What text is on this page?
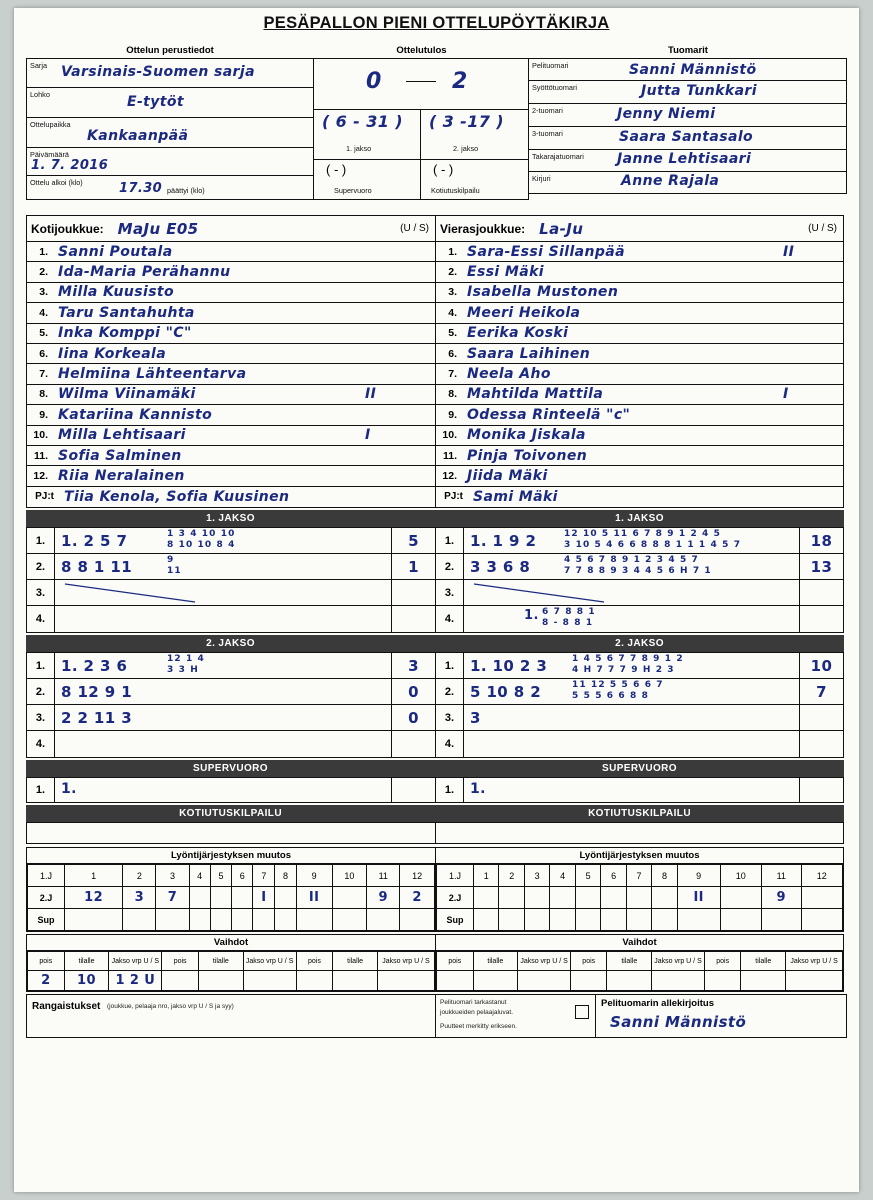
PESÄPALLON PIENI OTTELUPÖYTÄKIRJA
Ottelun perustiedot
Sarja Varsinais-Suomen sarja
Lohko	E-tytöt
Ottelupaikka
Kankaanpää
Päivämäärä
1. 7. 2016
Ottelu alkoi (klo)	17.30 päättyi (klo)
Ottelutulos
0	2
( 6 - 31 )
1. jakso
( 3 -17 )
2. jakso
( - )
Supervuoro
( - )
Kotiutuskilpailu
Tuomarit
Pelituomari	Sanni Männistö
Syöttötuomari	Jutta Tunkkari
2-tuomari	Jenny Niemi
3-tuomari	Saara Santasalo
Takarajatuomari Janne Lehtisaari
Kirjuri	Anne Rajala
Kotijoukkue: MaJu E05	(U / S)
1. Sanni Poutala
2. Ida-Maria Perähannu
3. Milla Kuusisto
4. Taru Santahuhta
5. Inka Komppi "C"
6. Iina Korkeala
7. Helmiina Lähteentarva
8. Wilma Viinamäki	II
9. Katariina Kannisto
10. Milla Lehtisaari	I
11. Sofia Salminen
12. Riia Neralainen
PJ:t Tiia Kenola, Sofia Kuusinen
Vierasjoukkue: La-Ju	(U / S)
1. Sara-Essi Sillanpää	II
2. Essi Mäki
3. Isabella Mustonen
4. Meeri Heikola
5. Eerika Koski
6. Saara Laihinen
7. Neela Aho
8. Mahtilda Mattila	I
9. Odessa Rinteelä "c"
10. Monika Jiskala
11. Pinja Toivonen
12. Jiida Mäki
PJ:t Sami Mäki
1. JAKSO	1. JAKSO
1.	1. 2 5 7	1 3 4 10 10
8 10 10 8 4	5
2.	8 8 1 11	9
11	1
3.
4.
1.	1. 1 9 2	12 10 5 11 6 7 8 9 1 2 4 5
3 10 5 4 6 6 8 8 8 1 1 1 4 5 7	18
2.	3 3 6 8	4 5 6 7 8 9 1 2 3 4 5 7
7 7 8 8 9 3 4 4 5 6 H 7 1	13
3.
4.	1. 6 7 8 8 1
8 - 8 8 1
2. JAKSO	2. JAKSO
1.	1. 2 3 6	12 1 4
3 3 H	3
2.	8 12 9 1	0
3.	2 2 11 3	0
4.
1.	1. 10 2 3	1 4 5 6 7 7 8 9 1 2
4 H 7 7 7 9 H 2 3	10
2.	5 10 8 2	11 12 5 5 6 6 7
5 5 5 6 6 8 8	7
3.	3
4.
SUPERVUORO	SUPERVUORO
1.	1.	1.	1.
KOTIUTUSKILPAILU	KOTIUTUSKILPAILU
Lyöntijärjestyksen muutos
1.J	1	2	3	4	5	6	7	8	9	10	11	12
2.J	12	3	7				I		II		9	2
Sup												
Lyöntijärjestyksen muutos
1.J	1	2	3	4	5	6	7	8	9	10	11	12
2.J									II		9	
Sup												
Vaihdot
pois	tilalle	Jakso vrp U / S	pois	tilalle	Jakso vrp U / S	pois	tilalle	Jakso vrp U / S
2	10	1 2 U						
Vaihdot
pois	tilalle	Jakso vrp U / S	pois	tilalle	Jakso vrp U / S	pois	tilalle	Jakso vrp U / S

Rangaistukset (joukkue, pelaaja nro, jakso vrp U / S ja syy)
Pelituomari tarkastanut
joukkueiden pelaajaluvat.
Puutteet merkitty erikseen.
Pelituomarin allekirjoitus
Sanni Männistö
